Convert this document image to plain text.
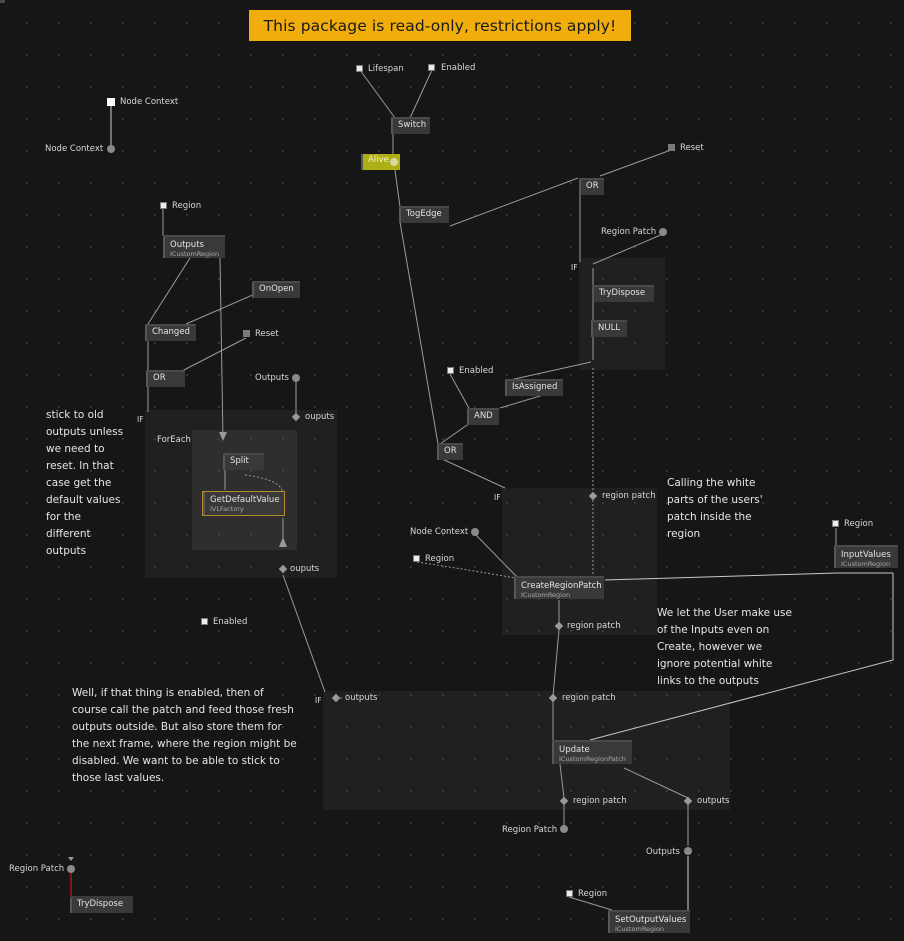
This package is read-only, restrictions apply!
Node Context
Node Context
Lifespan	Enabled
Reset
Region Patch
Region
Reset
Outputs
Enabled
Node Context
Region
Region
Enabled
Region Patch
Outputs
Region
Region Patch
Switch
Alive
TogEdge
OR
TryDispose
NULL
IsAssigned
AND
OR
Outputs
ICustomRegion
OnOpen
Changed
OR
Split
GetDefaultValue
IVLFactory
CreateRegionPatch
ICustomRegion
InputValues
ICustomRegion
Update
ICustomRegionPatch
SetOutputValues
ICustomRegion
TryDispose
IF
IF
ForEach
IF
IF
ouputs
ouputs
region patch
region patch
outputs	region patch
region patch	outputs
stick to old
outputs unless
we need to
reset. In that
case get the
default values
for the
different
outputs
Calling the white
parts of the users'
patch inside the
region
We let the User make use
of the Inputs even on
Create, however we
ignore potential white
links to the outputs
Well, if that thing is enabled, then of
course call the patch and feed those fresh
outputs outside. But also store them for
the next frame, where the region might be
disabled. We want to be able to stick to
those last values.
